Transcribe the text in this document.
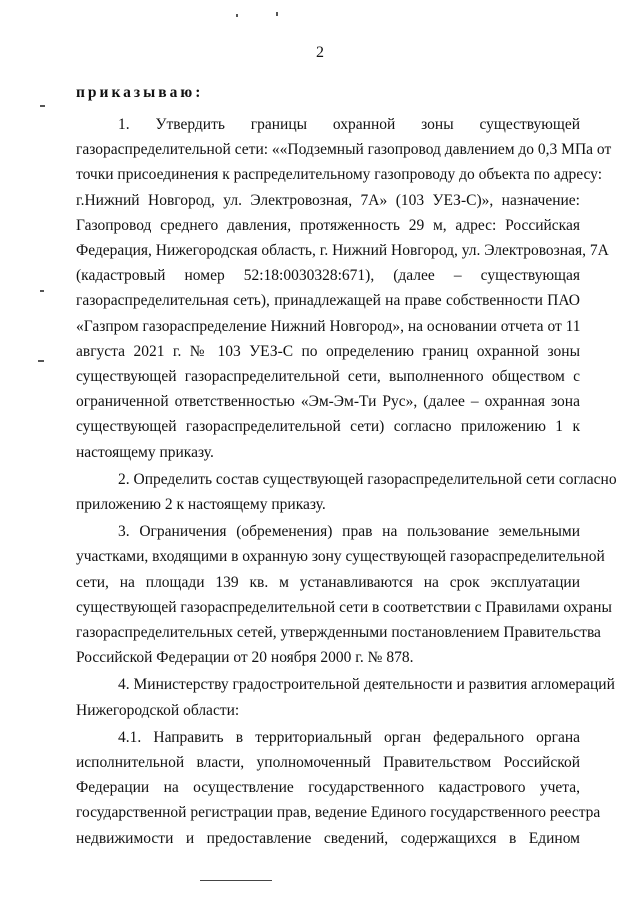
2
приказываю:
1. Утвердить границы охранной зоны существующей
газораспределительной сети: ««Подземный газопровод давлением до 0,3 МПа от
точки присоединения к распределительному газопроводу до объекта по адресу:
г.Нижний Новгород, ул. Электровозная, 7А» (103 УЕЗ-С)», назначение:
Газопровод среднего давления, протяженность 29 м, адрес: Российская
Федерация, Нижегородская область, г. Нижний Новгород, ул. Электровозная, 7А
(кадастровый номер 52:18:0030328:671), (далее – существующая
газораспределительная сеть), принадлежащей на праве собственности ПАО
«Газпром газораспределение Нижний Новгород», на основании отчета от 11
августа 2021 г. № 103 УЕЗ-С по определению границ охранной зоны
существующей газораспределительной сети, выполненного обществом с
ограниченной ответственностью «Эм-Эм-Ти Рус», (далее – охранная зона
существующей газораспределительной сети) согласно приложению 1 к
настоящему приказу.
2. Определить состав существующей газораспределительной сети согласно
приложению 2 к настоящему приказу.
3. Ограничения (обременения) прав на пользование земельными
участками, входящими в охранную зону существующей газораспределительной
сети, на площади 139 кв. м устанавливаются на срок эксплуатации
существующей газораспределительной сети в соответствии с Правилами охраны
газораспределительных сетей, утвержденными постановлением Правительства
Российской Федерации от 20 ноября 2000 г. № 878.
4. Министерству градостроительной деятельности и развития агломераций
Нижегородской области:
4.1. Направить в территориальный орган федерального органа
исполнительной власти, уполномоченный Правительством Российской
Федерации на осуществление государственного кадастрового учета,
государственной регистрации прав, ведение Единого государственного реестра
недвижимости и предоставление сведений, содержащихся в Едином
